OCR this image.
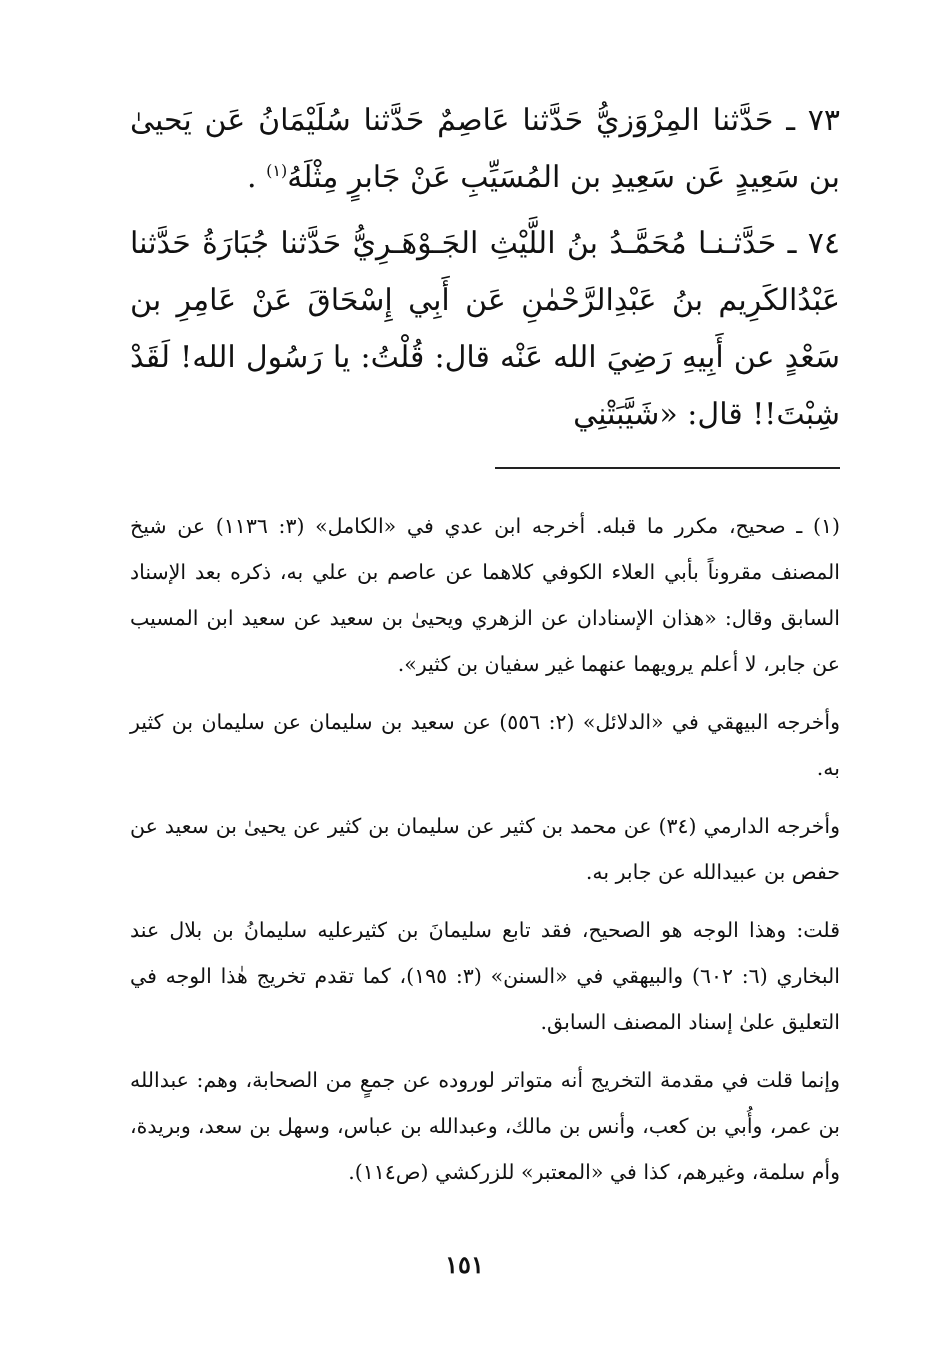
٧٣ ـ حَدَّثنا المِرْوَزيُّ حَدَّثنا عَاصِمٌ حَدَّثنا سُلَيْمَانُ عَن يَحيىٰ بن سَعِيدٍ عَن سَعِيدِ بن المُسَيِّبِ عَنْ جَابرٍ مِثْلَهُ$^{(١)}$ .

٧٤ ـ حَدَّثـنـا مُحَمَّـدُ بنُ اللَّيْثِ الجَـوْهَـرِيُّ حَدَّثنا جُبَارَةُ حَدَّثنا عَبْدُالكَرِيم بنُ عَبْدِالرَّحْمٰنِ عَن أَبِي إِسْحَاقَ عَنْ عَامِرِ بن سَعْدٍ عن أَبِيهِ رَضِيَ الله عَنْه قال: قُلْتُ: يا رَسُول الله! لَقَدْ شِبْتَ!! قال: «شَيَّبَتْنِي

(١) ـ صحيح، مكرر ما قبله. أخرجه ابن عدي في «الكامل» (٣: ١١٣٦) عن شيخ المصنف مقروناً بأبي العلاء الكوفي كلاهما عن عاصم بن علي به، ذكره بعد الإسناد السابق وقال: «هذان الإسنادان عن الزهري ويحيىٰ بن سعيد عن سعيد ابن المسيب عن جابر، لا أعلم يرويهما عنهما غير سفيان بن كثير».

وأخرجه البيهقي في «الدلائل» (٢: ٥٥٦) عن سعيد بن سليمان عن سليمان بن كثير به.

وأخرجه الدارمي (٣٤) عن محمد بن كثير عن سليمان بن كثير عن يحيىٰ بن سعيد عن حفص بن عبيدالله عن جابر به.

قلت: وهذا الوجه هو الصحيح، فقد تابع سليمانَ بن كثيرعليه سليمانُ بن بلال عند البخاري (٦: ٦٠٢) والبيهقي في «السنن» (٣: ١٩٥)، كما تقدم تخريج هٰذا الوجه في التعليق علىٰ إسناد المصنف السابق.

وإنما قلت في مقدمة التخريج أنه متواتر لوروده عن جمعٍ من الصحابة، وهم: عبدالله بن عمر، وأُبي بن كعب، وأنس بن مالك، وعبدالله بن عباس، وسهل بن سعد، وبريدة، وأم سلمة، وغيرهم، كذا في «المعتبر» للزركشي (ص١١٤).

١٥١
